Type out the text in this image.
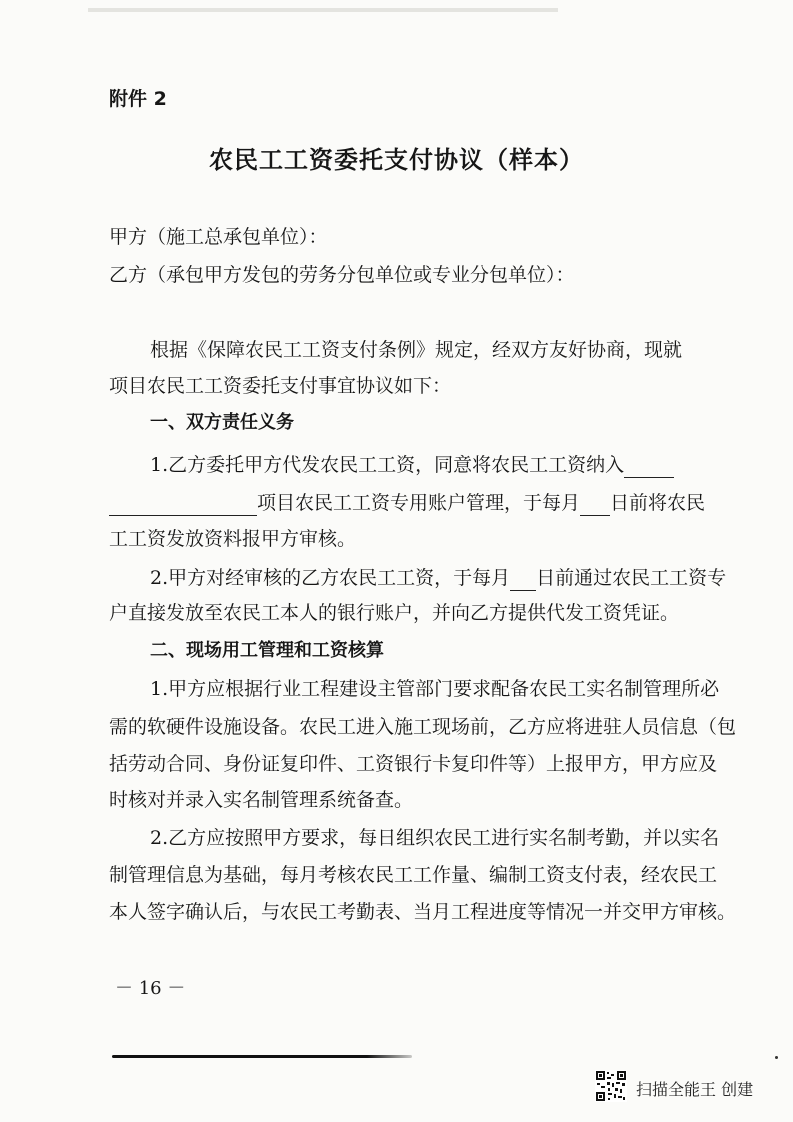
附件 2
农民工工资委托支付协议（样本）
甲方（施工总承包单位）：
乙方（承包甲方发包的劳务分包单位或专业分包单位）：
根据《保障农民工工资支付条例》规定，经双方友好协商，现就
项目农民工工资委托支付事宜协议如下：
一、双方责任义务
1.乙方委托甲方代发农民工工资，同意将农民工工资纳入
项目农民工工资专用账户管理，于每月 日前将农民
工工资发放资料报甲方审核。
2.甲方对经审核的乙方农民工工资，于每月 日前通过农民工工资专
户直接发放至农民工本人的银行账户，并向乙方提供代发工资凭证。
二、现场用工管理和工资核算
1.甲方应根据行业工程建设主管部门要求配备农民工实名制管理所必
需的软硬件设施设备。农民工进入施工现场前，乙方应将进驻人员信息（包
括劳动合同、身份证复印件、工资银行卡复印件等）上报甲方，甲方应及
时核对并录入实名制管理系统备查。
2.乙方应按照甲方要求，每日组织农民工进行实名制考勤，并以实名
制管理信息为基础，每月考核农民工工作量、编制工资支付表，经农民工
本人签字确认后，与农民工考勤表、当月工程进度等情况一并交甲方审核。
－ 16 －
扫描全能王 创建
